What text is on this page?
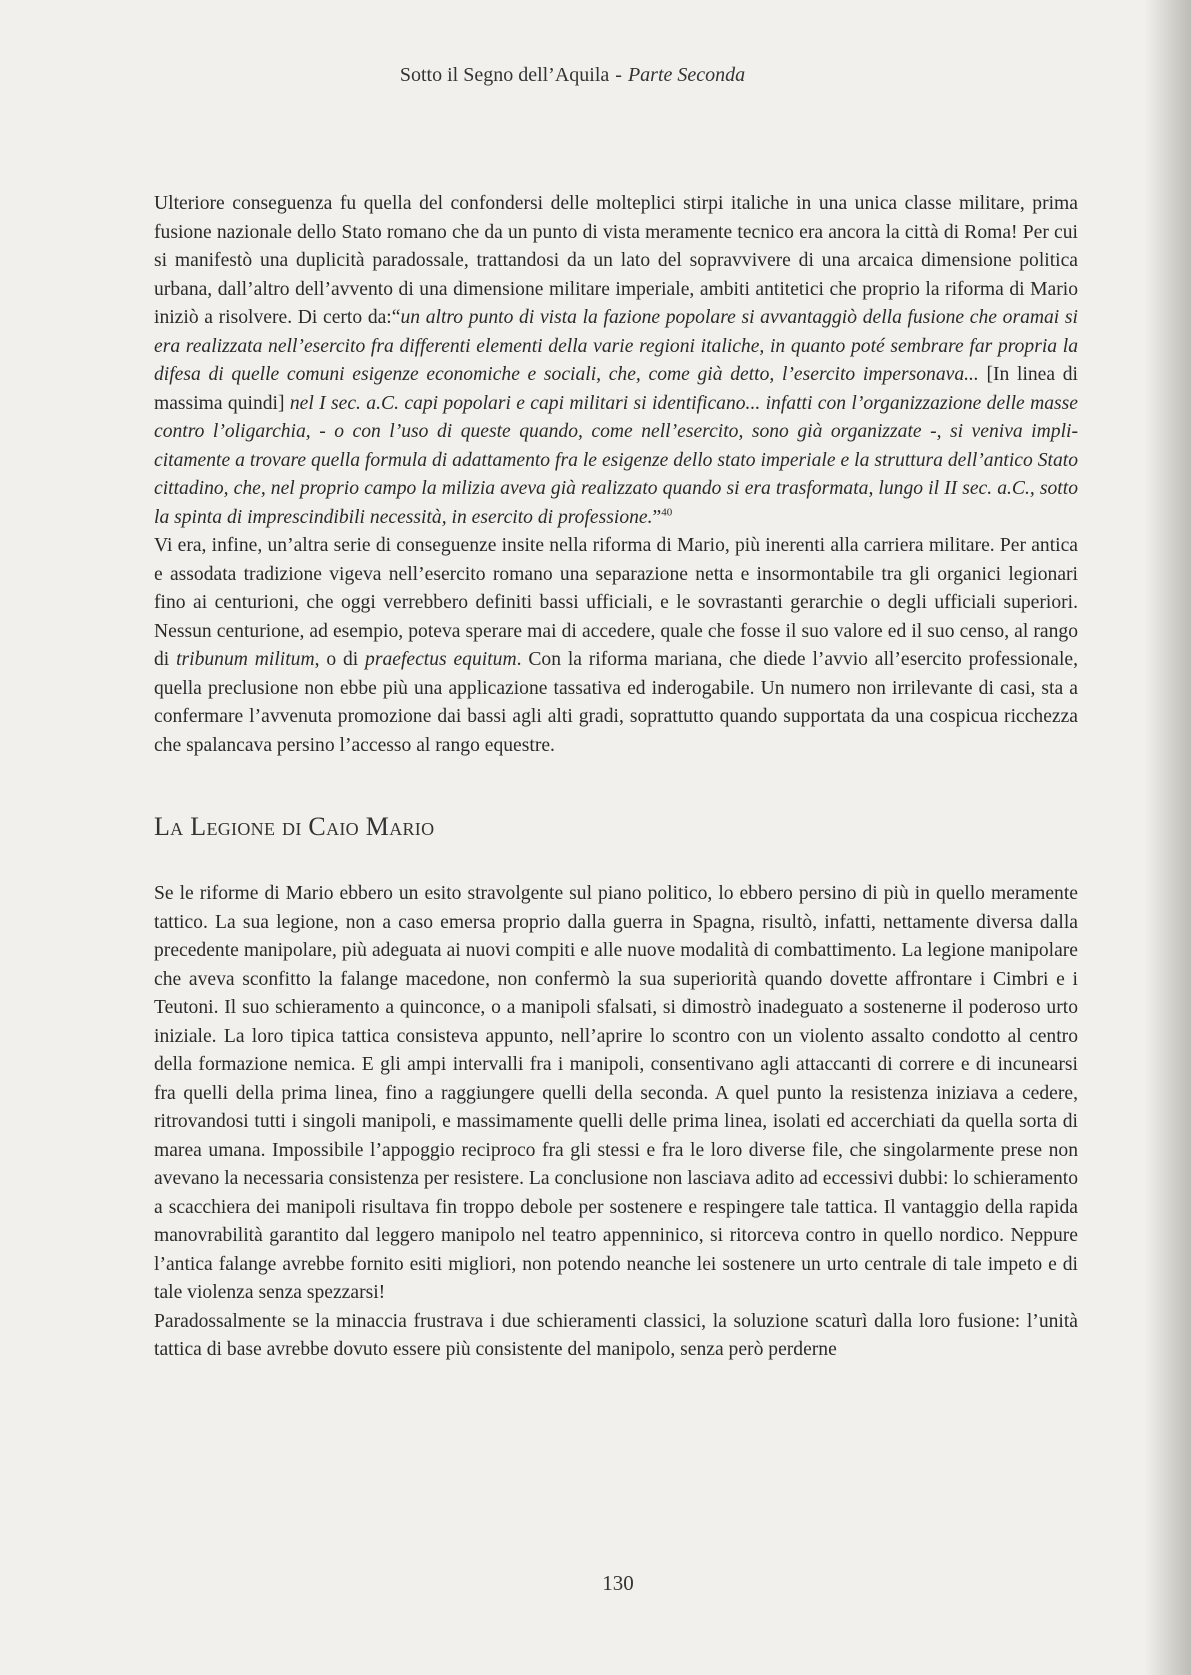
Sotto il Segno dell’Aquila - Parte Seconda

Ulteriore conseguenza fu quella del confondersi delle molteplici stirpi italiche in una unica classe militare, prima fusione nazionale dello Stato romano che da un punto di vista meramente tecnico era ancora la città di Roma! Per cui si manifestò una duplicità paradossale, trattandosi da un lato del sopravvivere di una arcaica dimensione politica urbana, dall’altro dell’avvento di una dimensione militare imperiale, ambiti antitetici che proprio la riforma di Mario iniziò a risolvere. Di certo da:“un altro punto di vista la fazione popolare si avvantaggiò della fusione che oramai si era realizzata nell’esercito fra differenti elementi della varie regioni italiche, in quanto poté sembrare far propria la difesa di quelle comuni esigenze economiche e sociali, che, come già detto, l’esercito impersonava... [In linea di massima quindi] nel I sec. a.C. capi popolari e capi militari si identificano... infatti con l’organizzazione delle masse contro l’oligarchia, - o con l’uso di queste quando, come nell’esercito, sono già organizzate -, si veniva implicitamente a trovare quella formula di adattamento fra le esigenze dello stato imperiale e la struttura dell’antico Stato cittadino, che, nel proprio campo la milizia aveva già realizzato quando si era trasformata, lungo il II sec. a.C., sotto la spinta di imprescindibili necessità, in esercito di professione.”$^{40}$

Vi era, infine, un’altra serie di conseguenze insite nella riforma di Mario, più inerenti alla carriera militare. Per antica e assodata tradizione vigeva nell’esercito romano una separazione netta e insormontabile tra gli organici legionari fino ai centurioni, che oggi verrebbero definiti bassi ufficiali, e le sovrastanti gerarchie o degli ufficiali superiori. Nessun centurione, ad esempio, poteva sperare mai di accedere, quale che fosse il suo valore ed il suo censo, al rango di tribunum militum, o di praefectus equitum. Con la riforma mariana, che diede l’avvio all’esercito professionale, quella preclusione non ebbe più una applicazione tassativa ed inderogabile. Un numero non irrilevante di casi, sta a confermare l’avvenuta promozione dai bassi agli alti gradi, soprattutto quando supportata da una cospicua ricchezza che spalancava persino l’accesso al rango equestre.

La Legione di Caio Mario

Se le riforme di Mario ebbero un esito stravolgente sul piano politico, lo ebbero persino di più in quello meramente tattico. La sua legione, non a caso emersa proprio dalla guerra in Spagna, risultò, infatti, nettamente diversa dalla precedente manipolare, più adeguata ai nuovi compiti e alle nuove modalità di combattimento. La legione manipolare che aveva sconfitto la falange macedone, non confermò la sua superiorità quando dovette affrontare i Cimbri e i Teutoni. Il suo schieramento a quinconce, o a manipoli sfalsati, si dimostrò inadeguato a sostenerne il poderoso urto iniziale. La loro tipica tattica consisteva appunto, nell’aprire lo scontro con un violento assalto condotto al centro della formazione nemica. E gli ampi intervalli fra i manipoli, consentivano agli attaccanti di correre e di incunearsi fra quelli della prima linea, fino a raggiungere quelli della seconda. A quel punto la resistenza iniziava a cedere, ritrovandosi tutti i singoli manipoli, e massimamente quelli delle prima linea, isolati ed accerchiati da quella sorta di marea umana. Impossibile l’appoggio reciproco fra gli stessi e fra le loro diverse file, che singolarmente prese non avevano la necessaria consistenza per resistere. La conclusione non lasciava adito ad eccessivi dubbi: lo schieramento a scacchiera dei manipoli risultava fin troppo debole per sostenere e respingere tale tattica. Il vantaggio della rapida manovrabilità garantito dal leggero manipolo nel teatro appenninico, si ritorceva contro in quello nordico. Neppure l’antica falange avrebbe fornito esiti migliori, non potendo neanche lei sostenere un urto centrale di tale impeto e di tale violenza senza spezzarsi!

Paradossalmente se la minaccia frustrava i due schieramenti classici, la soluzione scaturì dalla loro fusione: l’unità tattica di base avrebbe dovuto essere più consistente del manipolo, senza però perderne

130
